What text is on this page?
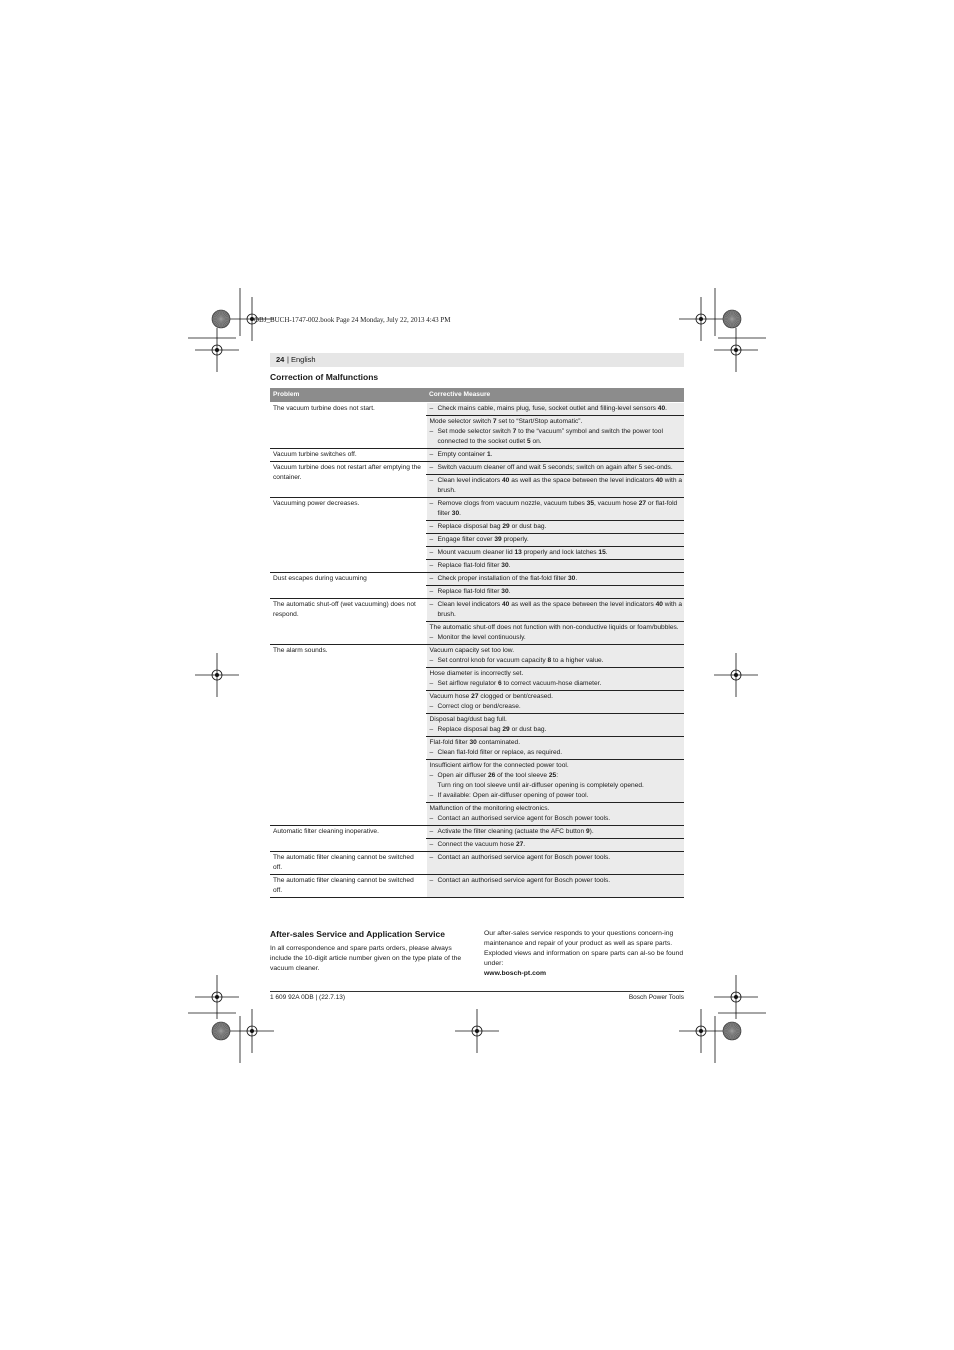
OBJ_BUCH-1747-002.book Page 24 Monday, July 22, 2013 4:43 PM
24 | English
Correction of Malfunctions
Problem	Corrective Measure
The vacuum turbine does not start.	– Check mains cable, mains plug, fuse, socket outlet and filling-level sensors 40.

	Mode selector switch 7 set to “Start/Stop automatic”.
– Set mode selector switch 7 to the “vacuum” symbol and switch the power tool connected to the socket outlet 5 on.

Vacuum turbine switches off.	– Empty container 1.

Vacuum turbine does not restart after emptying the container.	– Switch vacuum cleaner off and wait 5 seconds; switch on again after 5 sec-onds.

	– Clean level indicators 40 as well as the space between the level indicators 40 with a brush.

Vacuuming power decreases.	– Remove clogs from vacuum nozzle, vacuum tubes 35, vacuum hose 27 or flat-fold filter 30.

	– Replace disposal bag 29 or dust bag.

	– Engage filter cover 39 properly.

	– Mount vacuum cleaner lid 13 properly and lock latches 15.

	– Replace flat-fold filter 30.

Dust escapes during vacuuming	– Check proper installation of the flat-fold filter 30.

	– Replace flat-fold filter 30.

The automatic shut-off (wet vacuuming) does not respond.	– Clean level indicators 40 as well as the space between the level indicators 40 with a brush.

	The automatic shut-off does not function with non-conductive liquids or foam/bubbles.
– Monitor the level continuously.

The alarm sounds.	Vacuum capacity set too low.
– Set control knob for vacuum capacity 8 to a higher value.

	Hose diameter is incorrectly set.
– Set airflow regulator 6 to correct vacuum-hose diameter.

	Vacuum hose 27 clogged or bent/creased.
– Correct clog or bend/crease.

	Disposal bag/dust bag full.
– Replace disposal bag 29 or dust bag.

	Flat-fold filter 30 contaminated.
– Clean flat-fold filter or replace, as required.

	Insufficient airflow for the connected power tool.
– Open air diffuser 26 of the tool sleeve 25:
Turn ring on tool sleeve until air-diffuser opening is completely opened.
– If available: Open air-diffuser opening of power tool.

	Malfunction of the monitoring electronics.
– Contact an authorised service agent for Bosch power tools.

Automatic filter cleaning inoperative.	– Activate the filter cleaning (actuate the AFC button 9).

	– Connect the vacuum hose 27.

The automatic filter cleaning cannot be switched off.	– Contact an authorised service agent for Bosch power tools.

The automatic filter cleaning cannot be switched off.	– Contact an authorised service agent for Bosch power tools.
After-sales Service and Application Service
In all correspondence and spare parts orders, please always include the 10-digit article number given on the type plate of the vacuum cleaner.
Our after-sales service responds to your questions concern-ing maintenance and repair of your product as well as spare parts. Exploded views and information on spare parts can al-so be found under:
www.bosch-pt.com
1 609 92A 0DB | (22.7.13)	Bosch Power Tools
